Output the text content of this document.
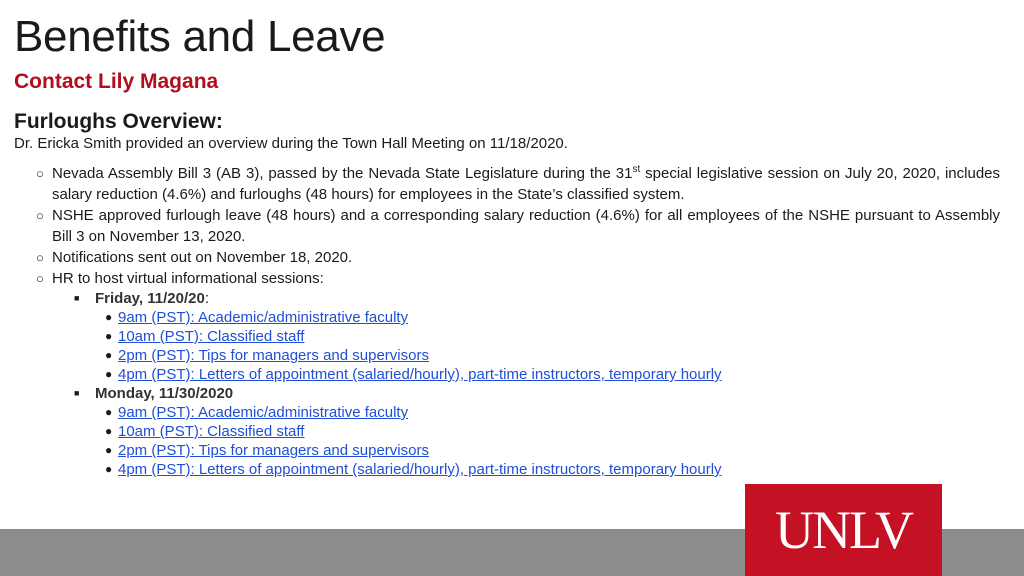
Benefits and Leave
Contact Lily Magana
Furloughs Overview:
Dr. Ericka Smith provided an overview during the Town Hall Meeting on 11/18/2020.
○ Nevada Assembly Bill 3 (AB 3), passed by the Nevada State Legislature during the 31st special legislative session on July 20, 2020, includes salary reduction (4.6%) and furloughs (48 hours) for employees in the State’s classified system.
○ NSHE approved furlough leave (48 hours) and a corresponding salary reduction (4.6%) for all employees of the NSHE pursuant to Assembly Bill 3 on November 13, 2020.
○ Notifications sent out on November 18, 2020.
○ HR to host virtual informational sessions:
■ Friday, 11/20/20:
● 9am (PST): Academic/administrative faculty
● 10am (PST): Classified staff
● 2pm (PST): Tips for managers and supervisors
● 4pm (PST): Letters of appointment (salaried/hourly), part-time instructors, temporary hourly
■ Monday, 11/30/2020
● 9am (PST): Academic/administrative faculty
● 10am (PST): Classified staff
● 2pm (PST): Tips for managers and supervisors
● 4pm (PST): Letters of appointment (salaried/hourly), part-time instructors, temporary hourly
UNLV
